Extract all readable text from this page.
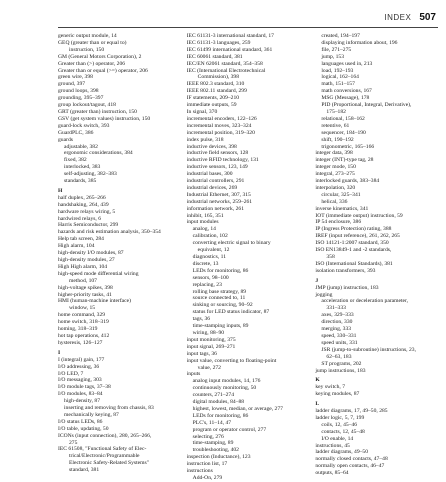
INDEX 507
generic output module, 14
GEQ (greater than or equal to)
instruction, 150
GM (General Motors Corporation), 2
Greater than (>) operator, 206
Greater than or equal (>=) operator, 206
green wire, 398
ground, 397
ground loops, 398
grounding, 395–397
group lockout/tagout, 418
GRT (greater than) instruction, 150
GSV (get system values) instruction, 150
guard-lock switch, 393
GuardPLC, 386
guards
adjustable, 382
ergonomic considerations, 384
fixed, 382
interlocked, 383
self-adjusting, 382–383
standards, 385
H
half duplex, 265–266
handshaking, 264, 439
hardware relays wiring, 5
hardwired relays, 6
Harris Semiconductor, 299
hazards and risk estimation analysis, 350–354
Help tab screen, 284
High alarm, 104
high-density I/O modules, 87
high-density modules, 27
High High alarm, 104
high-speed mode differential wiring
method, 107
high-voltage spikes, 398
higher-priority tasks, 41
HMI (human-machine interface)
window, 15
home command, 329
home switch, 318–319
homing, 318–319
hot tap operations, 412
hysteresis, 126–127
I
I (integral) gain, 177
I/O addressing, 36
I/O LED, 7
I/O messaging, 303
I/O module tags, 37–38
I/O modules, 83–84
high-density, 87
inserting and removing from chassis, 83
mechanically keying, 87
I/O status LEDs, 86
I/O table, updating, 50
ICONs (input connection), 280, 265–266,
275
IEC 61508, "Functional Safety of Elec-
trical/Electronic/Programmable
Electronic Safety-Related Systems"
standard, 381
IEC 61131-3 international standard, 17
IEC 61131-3 languages, 259
IEC 61499 international standard, 361
IEC 60061 standard, 381
IEC/EN 62061 standard, 354–358
IEC (International Electrotechnical
Commission), 398
IEEE 802.3 standard, 310
IEEE 802.11 standard, 299
IF statements, 209–210
immediate outputs, 59
In signal, 370
incremental encoders, 122–126
incremental moves, 323–324
incremental position, 319–320
index pulse, 318
inductive devices, 398
inductive field sensors, 128
inductive RFID technology, 131
inductive sensors, 123, 149
industrial bases, 300
industrial controllers, 291
industrial devices, 269
Industrial Ethernet, 307, 315
industrial networks, 259–261
information network, 261
inhibit, 165, 351
input modules
analog, 14
calibration, 102
converting electric signal to binary
equivalent, 12
diagnostics, 11
discrete, 13
LEDs for monitoring, 86
sensors, 98–100
replacing, 23
rolling base strategy, 89
source connected to, 11
sinking or sourcing, 90–92
status for LED status indicator, 87
tags, 36
time-stamping inputs, 89
wiring, 88–90
input monitoring, 375
input signal, 269–271
input tags, 36
input value, converting to floating-point
value, 272
inputs
analog input modules, 14, 176
continuously monitoring, 50
counters, 271–274
digital modules, 84–88
highest, lowest, median, or average, 277
LEDs for monitoring, 86
PLC's, 11–14, 47
program or operator control, 277
selecting, 276
time-stamping, 89
troubleshooting, 402
inspection (Inductance), 123
instruction list, 17
instructions
Add-On, 279
created, 194–197
displaying information about, 196
file, 271–275
jump, 153
languages used in, 213
load, 192–193
logical, 162–164
math, 151–157
math conversions, 167
MSG (Message), 178
PID (Proportional, Integral, Derivative),
175–182
relational, 158–162
retentive, 61
sequencer, 184–190
shift, 190–192
trigonometric, 165–166
integer data, 398
integer (INT)-type tag, 28
integer mode, 150
integral, 273–275
interlocked guards, 383–384
interpolation, 320
circular, 325–341
helical, 336
inverse kinematics, 341
IOT (immediate output) instruction, 59
IP 54 enclosure, 386
IP (Ingress Protection) rating, 388
IREF (input reference), 261, 262, 265
ISO 14121-1:2007 standard, 350
ISO EN13849-1 and -2 standards,
358
ISO (International Standards), 381
isolation transformers, 393
J
JMP (jump) instruction, 183
jogging
acceleration or deceleration parameter,
331–333
axes, 329–333
direction, 330
merging, 333
speed, 330–331
speed units, 331
JSR (jump-to-subroutine) instructions, 23,
62–63, 183
ST programs, 202
jump instructions, 183
K
key switch, 7
keying modules, 87
L
ladder diagrams, 17, 49–50, 285
ladder logic, 5, 7, 199
coils, 12, 45–46
contacts, 12, 45–48
I/O enable, 14
instructions, 45
ladder diagrams, 49–50
normally closed contacts, 47–48
normally open contacts, 46–47
outputs, 85–64
